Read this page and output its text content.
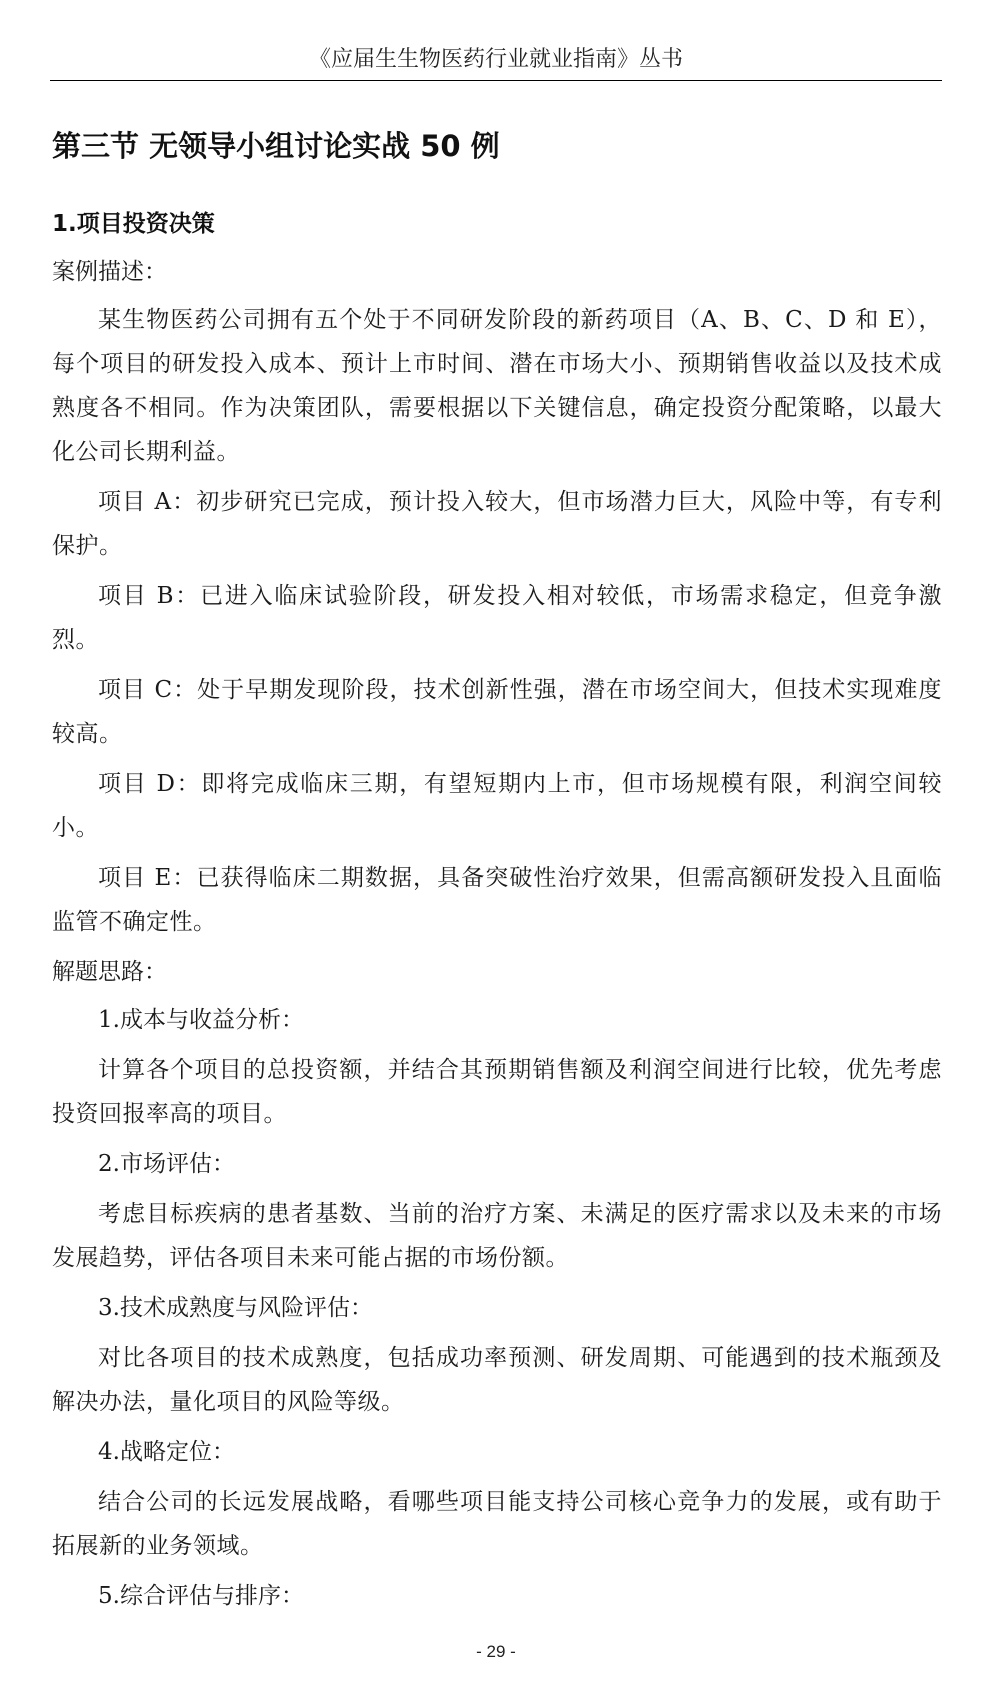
《应届生生物医药行业就业指南》丛书
第三节 无领导小组讨论实战 50 例
1.项目投资决策
案例描述：

某生物医药公司拥有五个处于不同研发阶段的新药项目（A、B、C、D 和 E），每个项目的研发投入成本、预计上市时间、潜在市场大小、预期销售收益以及技术成熟度各不相同。作为决策团队，需要根据以下关键信息，确定投资分配策略，以最大化公司长期利益。

项目 A：初步研究已完成，预计投入较大，但市场潜力巨大，风险中等，有专利保护。

项目 B：已进入临床试验阶段，研发投入相对较低，市场需求稳定，但竞争激烈。

项目 C：处于早期发现阶段，技术创新性强，潜在市场空间大，但技术实现难度较高。

项目 D：即将完成临床三期，有望短期内上市，但市场规模有限，利润空间较小。

项目 E：已获得临床二期数据，具备突破性治疗效果，但需高额研发投入且面临监管不确定性。

解题思路：

1.成本与收益分析：

计算各个项目的总投资额，并结合其预期销售额及利润空间进行比较，优先考虑投资回报率高的项目。

2.市场评估：

考虑目标疾病的患者基数、当前的治疗方案、未满足的医疗需求以及未来的市场发展趋势，评估各项目未来可能占据的市场份额。

3.技术成熟度与风险评估：

对比各项目的技术成熟度，包括成功率预测、研发周期、可能遇到的技术瓶颈及解决办法，量化项目的风险等级。

4.战略定位：

结合公司的长远发展战略，看哪些项目能支持公司核心竞争力的发展，或有助于拓展新的业务领域。

5.综合评估与排序：

- 29 -
